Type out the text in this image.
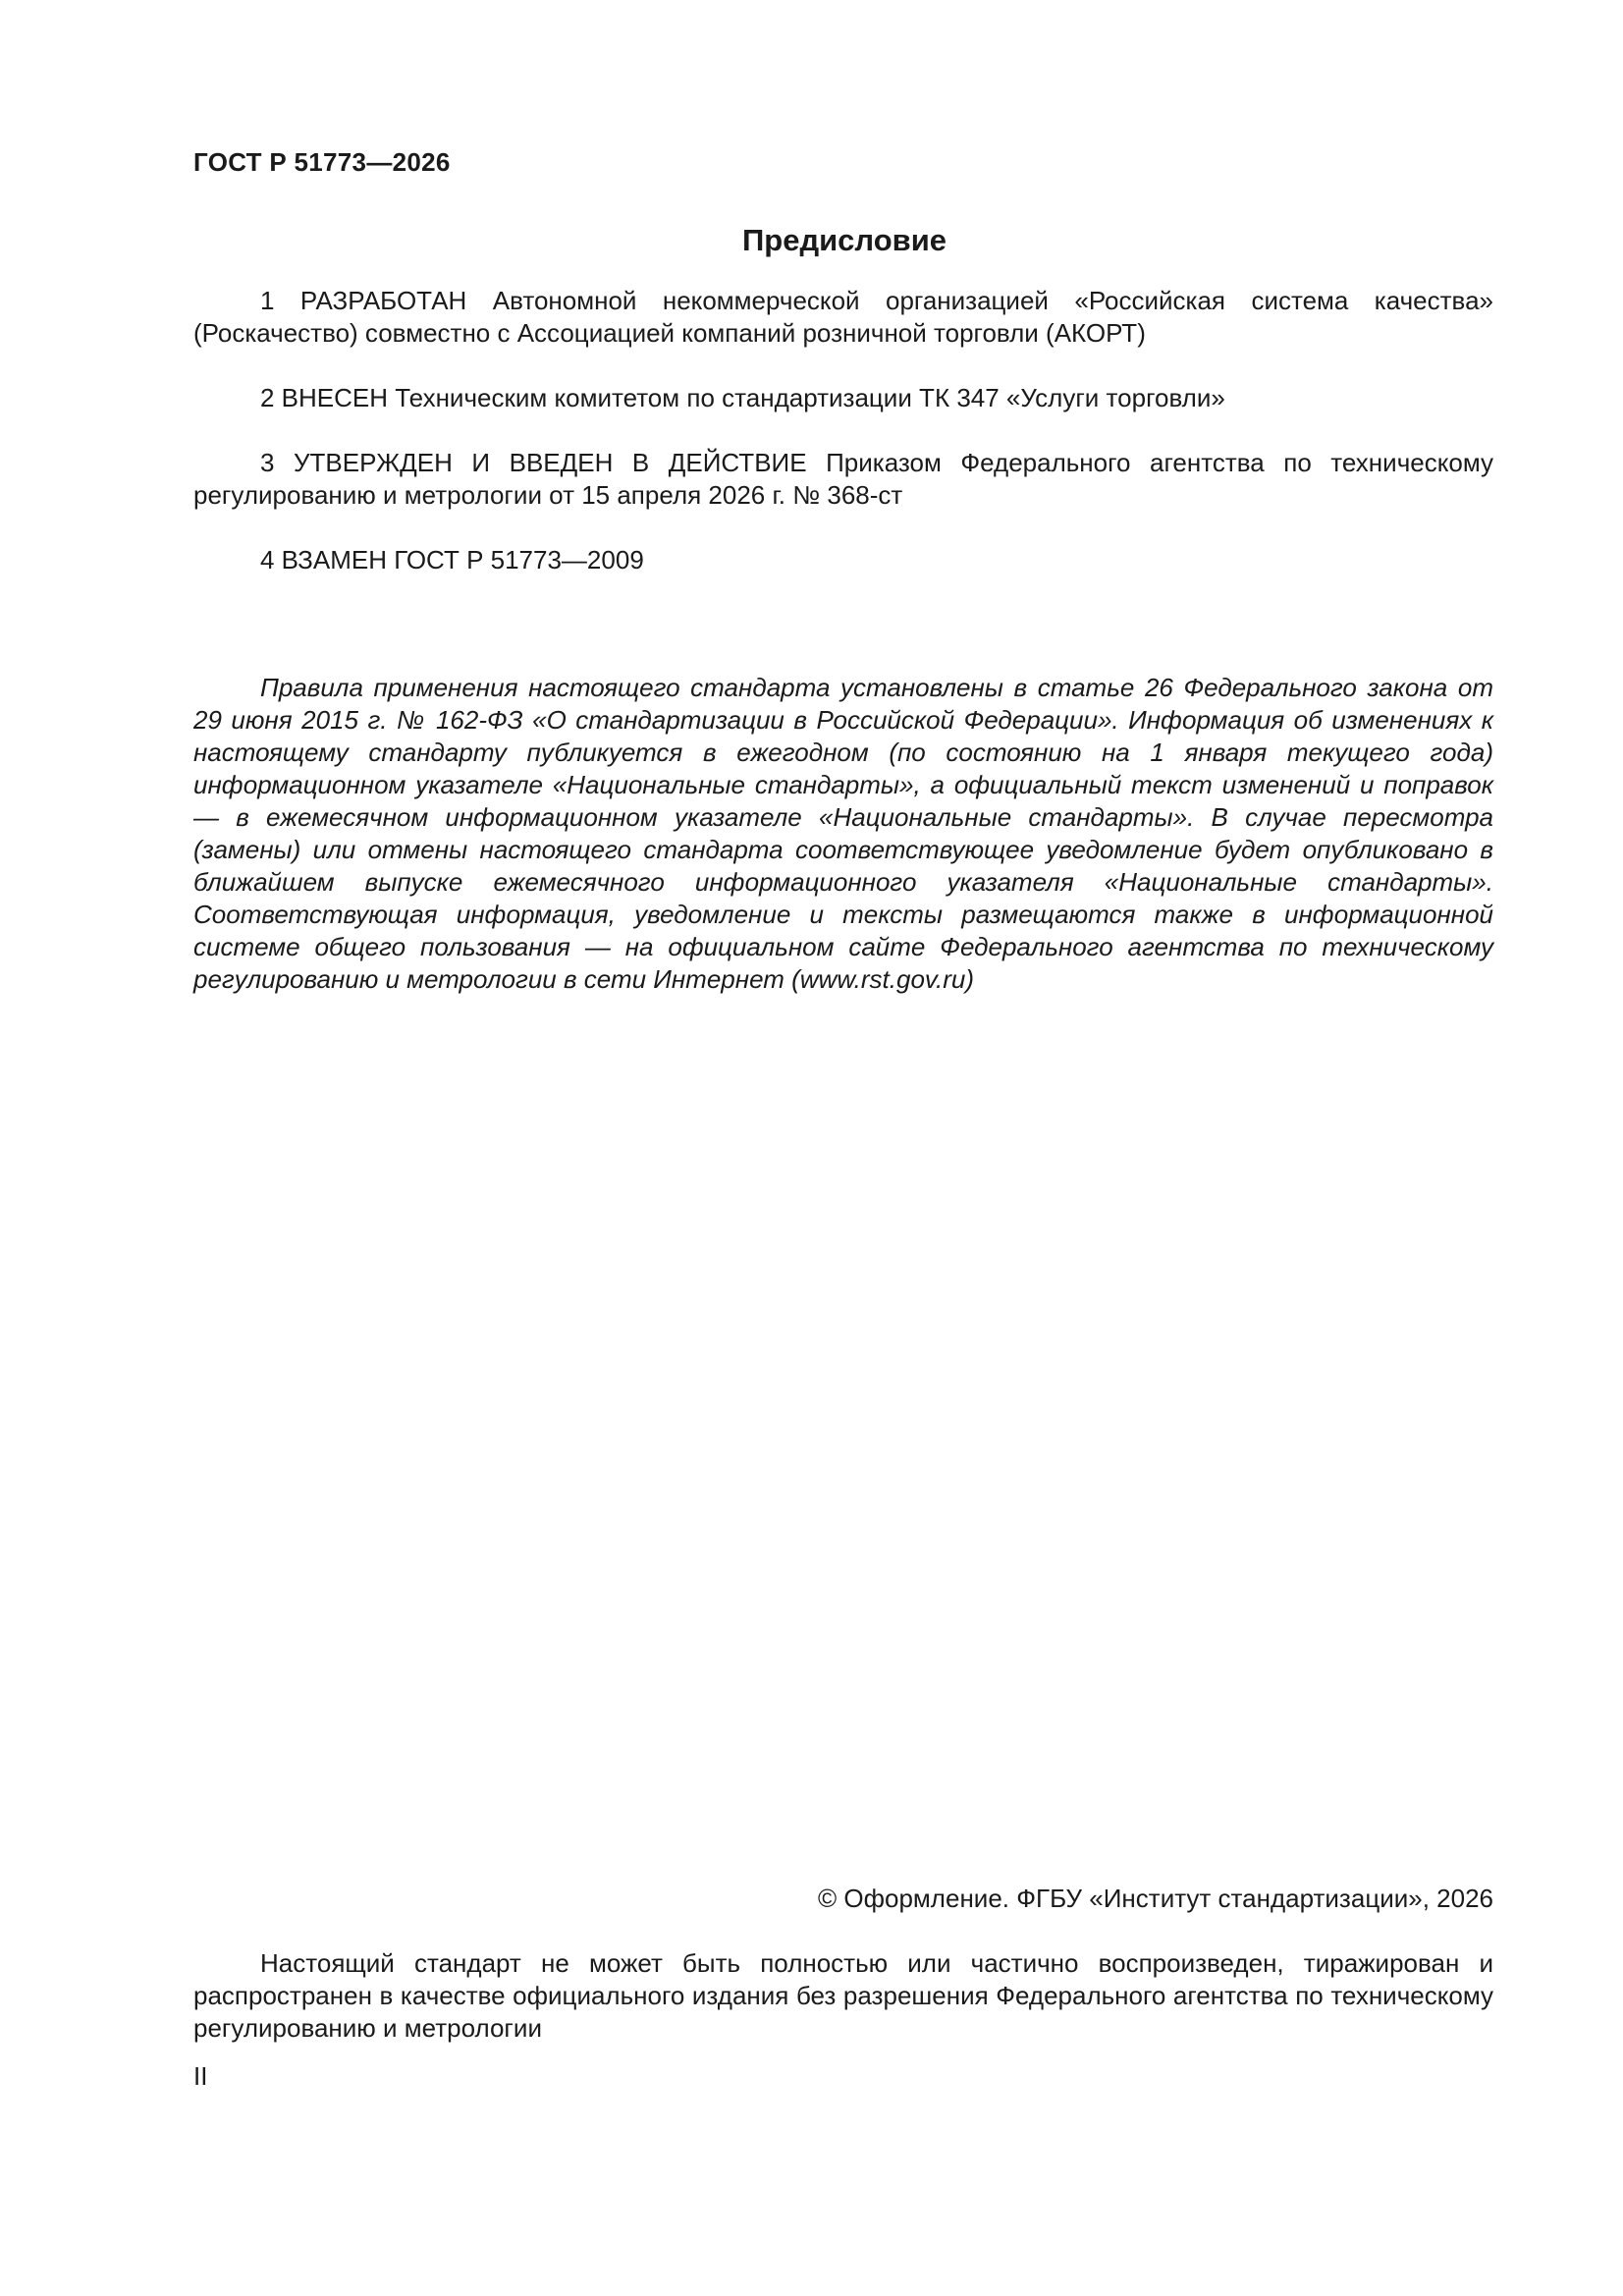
ГОСТ Р 51773—2026
Предисловие

1 РАЗРАБОТАН Автономной некоммерческой организацией «Российская система качества» (Роскачество) совместно с Ассоциацией компаний розничной торговли (АКОРТ)

2 ВНЕСЕН Техническим комитетом по стандартизации ТК 347 «Услуги торговли»

3 УТВЕРЖДЕН И ВВЕДЕН В ДЕЙСТВИЕ Приказом Федерального агентства по техническому регулированию и метрологии от 15 апреля 2026 г. № 368-ст

4 ВЗАМЕН ГОСТ Р 51773—2009

Правила применения настоящего стандарта установлены в статье 26 Федерального закона от 29 июня 2015 г. № 162-ФЗ «О стандартизации в Российской Федерации». Информация об изменениях к настоящему стандарту публикуется в ежегодном (по состоянию на 1 января текущего года) информационном указателе «Национальные стандарты», а официальный текст изменений и поправок — в ежемесячном информационном указателе «Национальные стандарты». В случае пересмотра (замены) или отмены настоящего стандарта соответствующее уведомление будет опубликовано в ближайшем выпуске ежемесячного информационного указателя «Национальные стандарты». Соответствующая информация, уведомление и тексты размещаются также в информационной системе общего пользования — на официальном сайте Федерального агентства по техническому регулированию и метрологии в сети Интернет (www.rst.gov.ru)

© Оформление. ФГБУ «Институт стандартизации», 2026

Настоящий стандарт не может быть полностью или частично воспроизведен, тиражирован и распространен в качестве официального издания без разрешения Федерального агентства по техническому регулированию и метрологии

II
